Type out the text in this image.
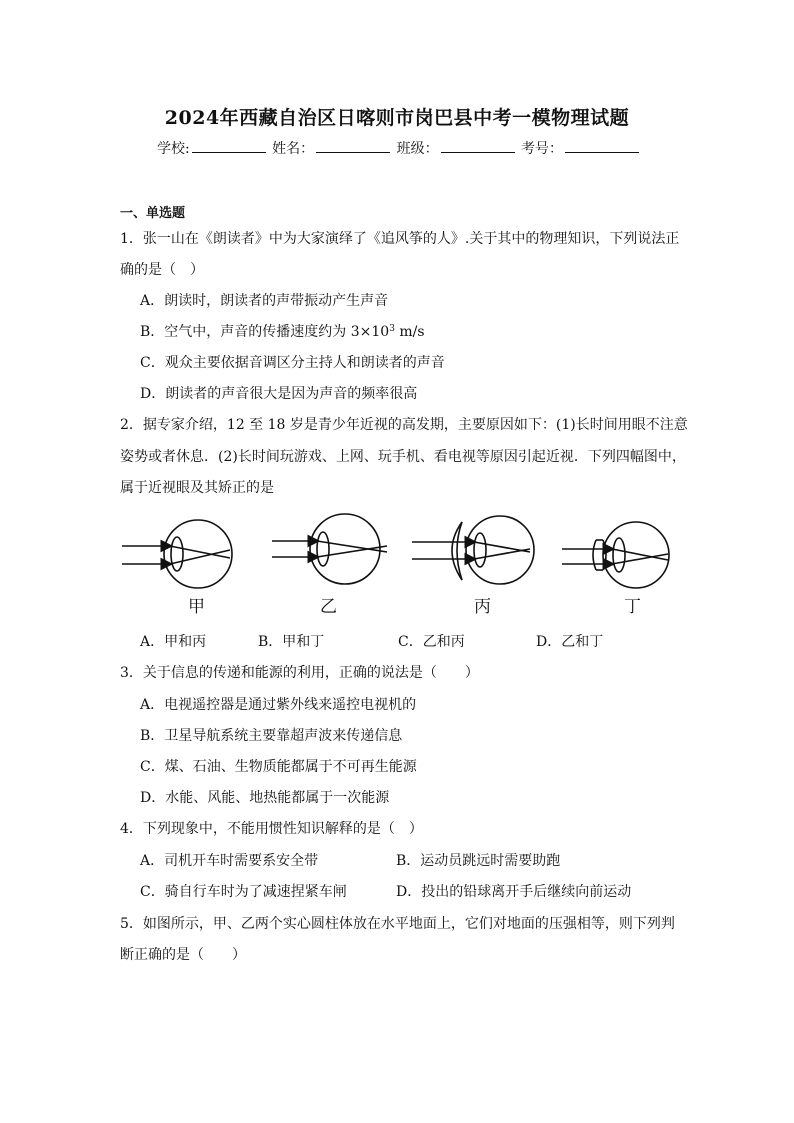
2024年西藏自治区日喀则市岗巴县中考一模物理试题
学校:	姓名：	班级：	考号：
一、单选题
1．张一山在《朗读者》中为大家演绎了《追风筝的人》.关于其中的物理知识，下列说法正
确的是（　）
A．朗读时，朗读者的声带振动产生声音
B．空气中，声音的传播速度约为 $3\times 10^3$ m/s
C．观众主要依据音调区分主持人和朗读者的声音
D．朗读者的声音很大是因为声音的频率很高
2．据专家介绍，12 至 18 岁是青少年近视的高发期，主要原因如下：(1)长时间用眼不注意
姿势或者休息．(2)长时间玩游戏、上网、玩手机、看电视等原因引起近视．下列四幅图中，
属于近视眼及其矫正的是
甲	乙	丙	丁
A．甲和丙	B．甲和丁	C．乙和丙	D．乙和丁
3．关于信息的传递和能源的利用，正确的说法是（　　）
A．电视遥控器是通过紫外线来遥控电视机的
B．卫星导航系统主要靠超声波来传递信息
C．煤、石油、生物质能都属于不可再生能源
D．水能、风能、地热能都属于一次能源
4．下列现象中，不能用惯性知识解释的是（　）
A．司机开车时需要系安全带	B．运动员跳远时需要助跑
C．骑自行车时为了减速捏紧车闸	D．投出的铅球离开手后继续向前运动
5．如图所示，甲、乙两个实心圆柱体放在水平地面上，它们对地面的压强相等，则下列判
断正确的是（　　）
